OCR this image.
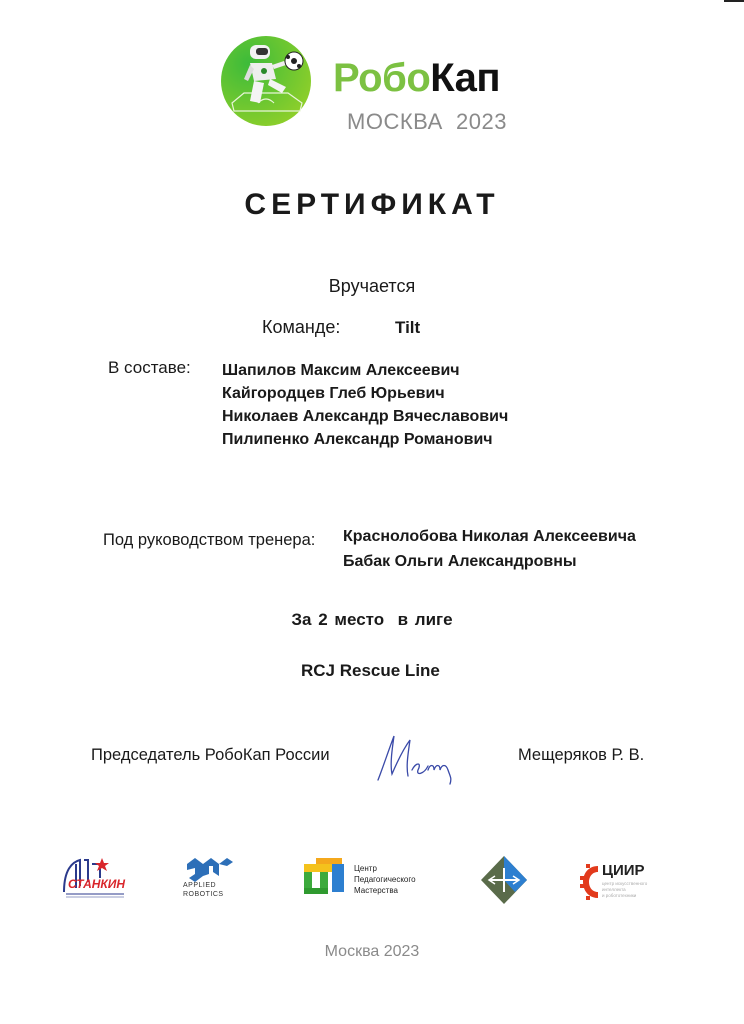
РобоКап
МОСКВА  2023
СЕРТИФИКАТ
Вручается
Команде:	Tilt
В составе: Шапилов Максим Алексеевич
Кайгородцев Глеб Юрьевич
Николаев Александр Вячеславович
Пилипенко Александр Романович
Под руководством тренера: Краснолобова Николая Алексеевича
Бабак Ольги Александровны
За 2 место  в лиге
RCJ Rescue Line
Председатель РобоКап России	Мещеряков Р. В.
СТАНКИН	APPLIED
ROBOTICS
Центр
Педагогического
Мастерства
ЦИИР
центр искусственного
интеллекта
и робототехники
Москва 2023
